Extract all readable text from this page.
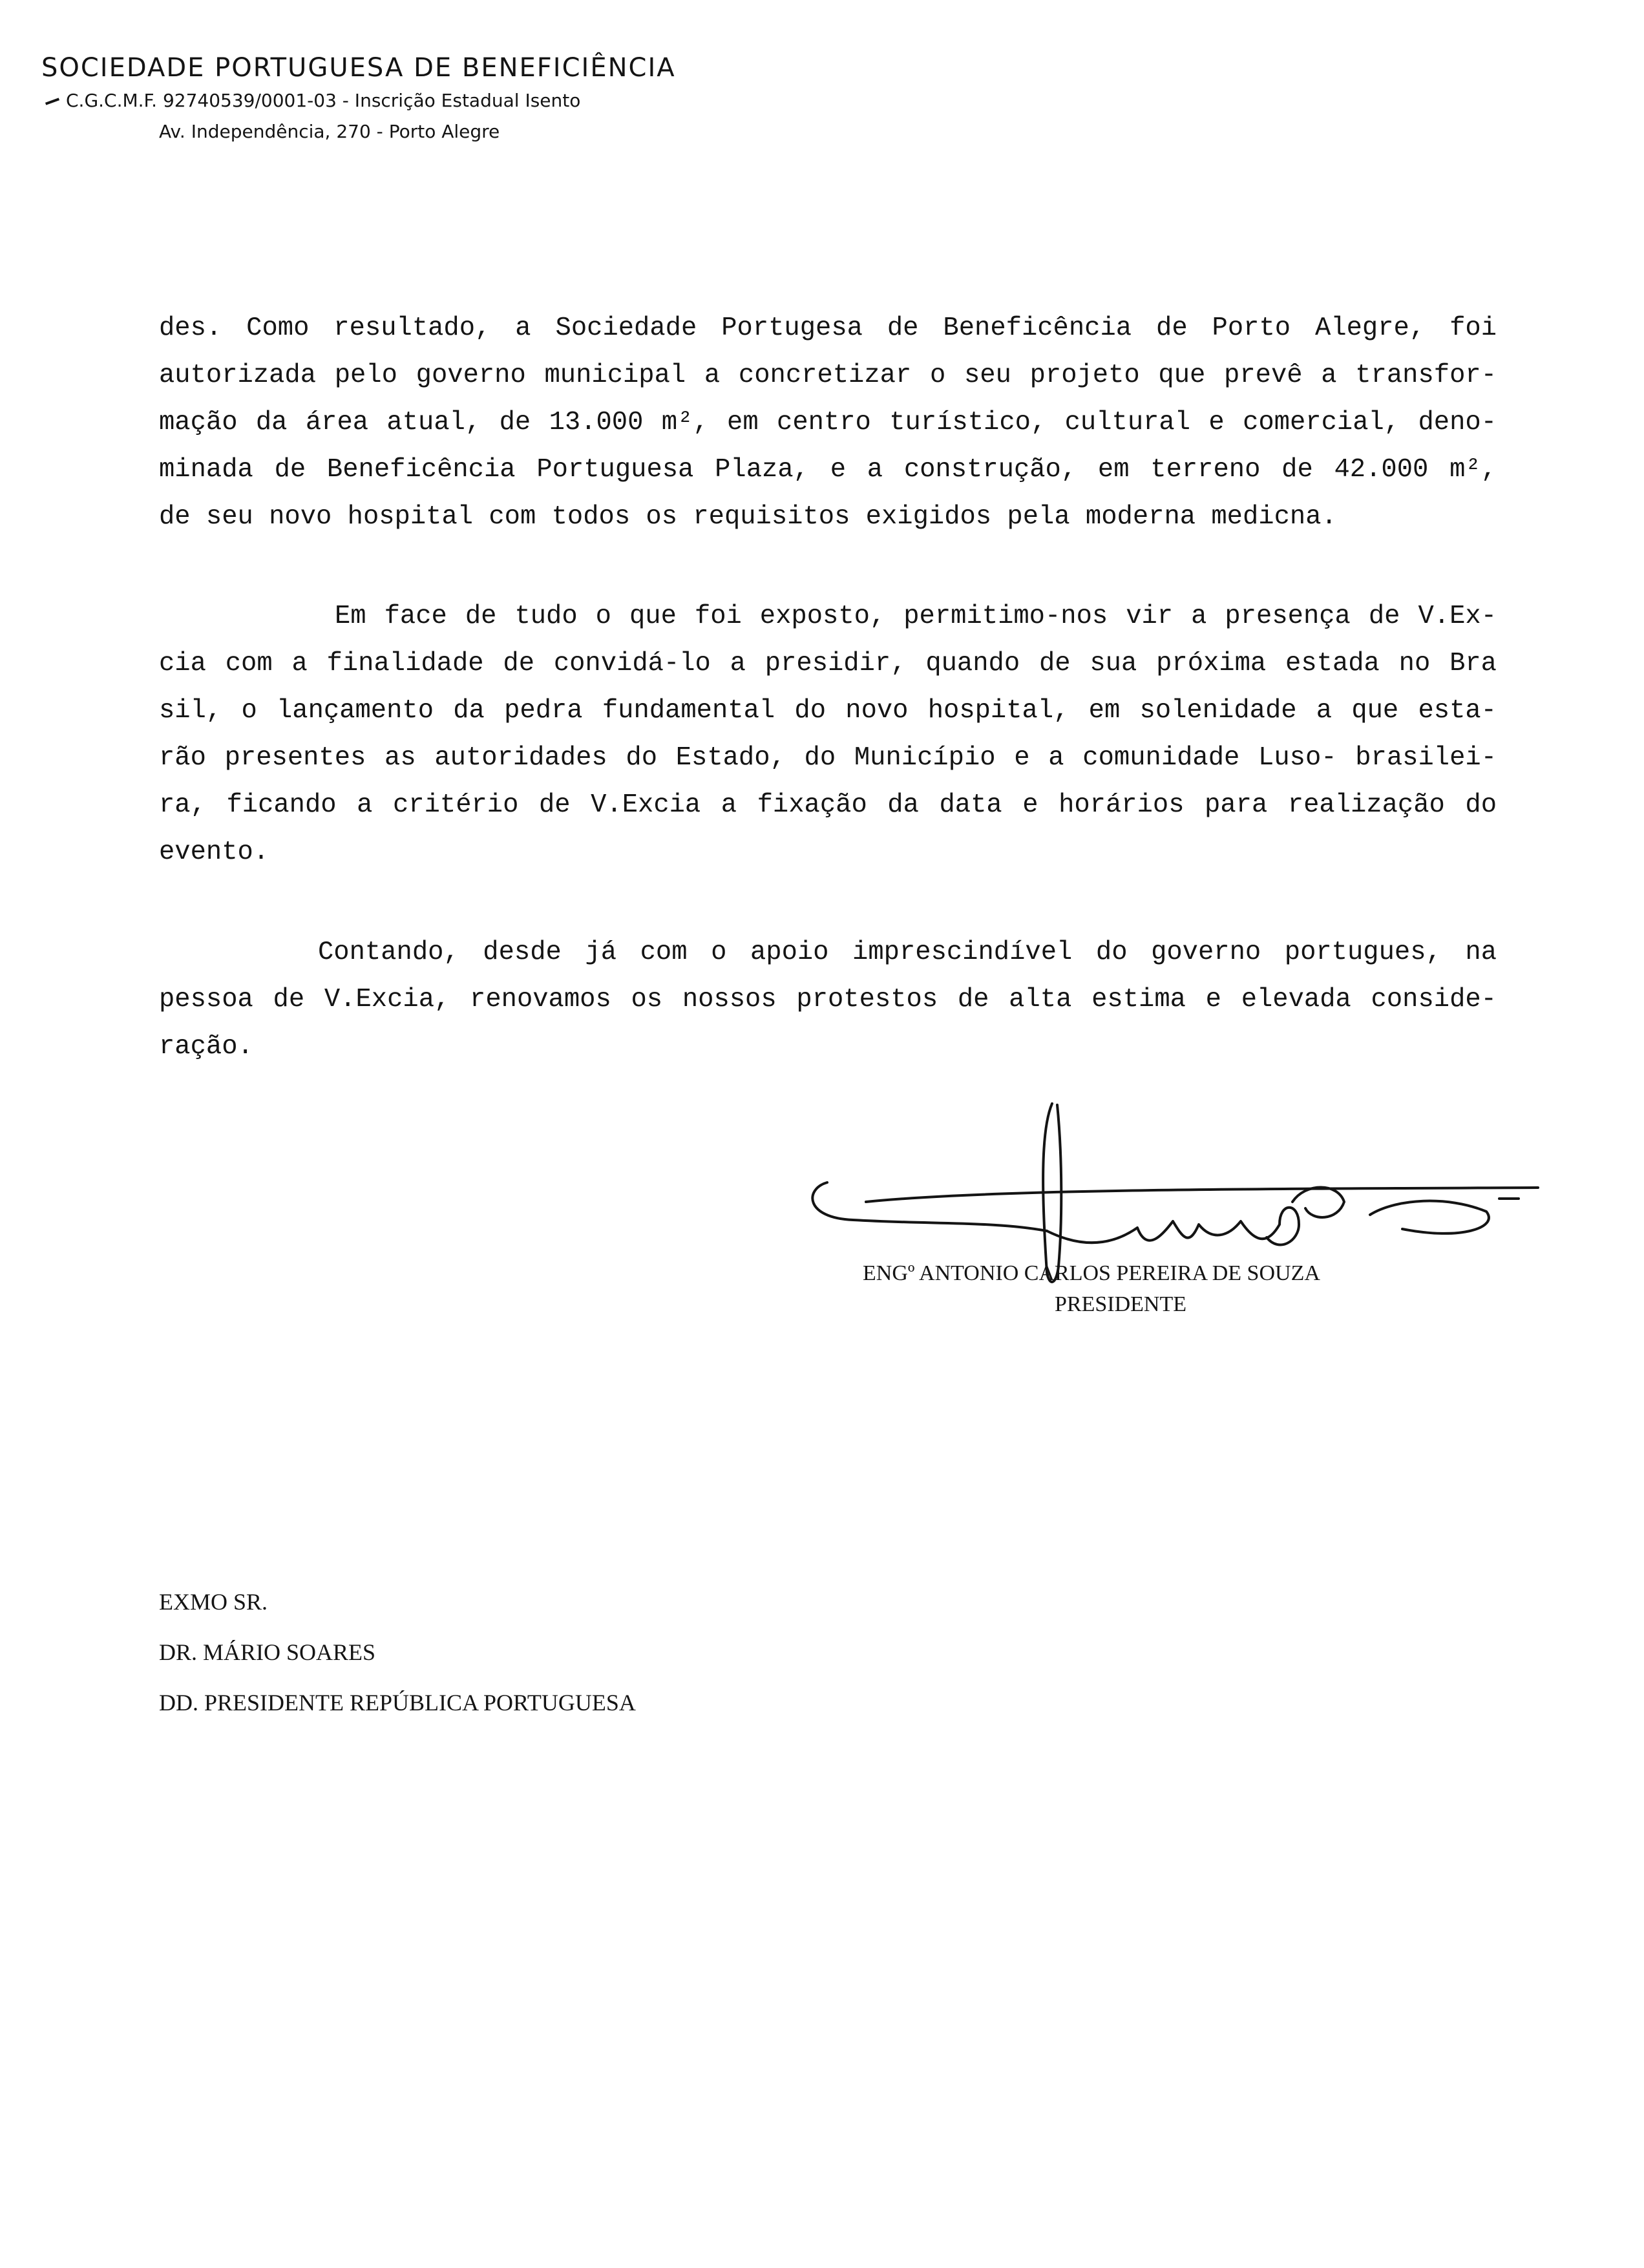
SOCIEDADE PORTUGUESA DE BENEFICIÊNCIA
C.G.C.M.F. 92740539/0001-03 - Inscrição Estadual Isento
Av. Independência, 270 - Porto Alegre
des. Como resultado, a Sociedade Portugesa de Beneficência de Porto Alegre, foi
autorizada pelo governo municipal a concretizar o seu projeto que prevê a transfor-
mação da área atual, de 13.000 m², em centro turístico, cultural e comercial, deno-
minada de Beneficência Portuguesa Plaza, e a construção, em terreno de 42.000 m²,
de seu novo hospital com todos os requisitos exigidos pela moderna medicna.
Em face de tudo o que foi exposto, permitimo-nos vir a presença de V.Ex-
cia com a finalidade de convidá-lo a presidir, quando de sua próxima estada no Bra
sil, o lançamento da pedra fundamental do novo hospital, em solenidade a que esta-
rão presentes as autoridades do Estado, do Município e a comunidade Luso- brasilei-
ra, ficando a critério de V.Excia a fixação da data e horários para realização do
evento.
Contando, desde já com o apoio imprescindível do governo portugues, na
pessoa de V.Excia, renovamos os nossos protestos de alta estima e elevada conside-
ração.
ENGº ANTONIO CARLOS PEREIRA DE SOUZA
PRESIDENTE
EXMO SR.
DR. MÁRIO SOARES
DD. PRESIDENTE REPÚBLICA PORTUGUESA
